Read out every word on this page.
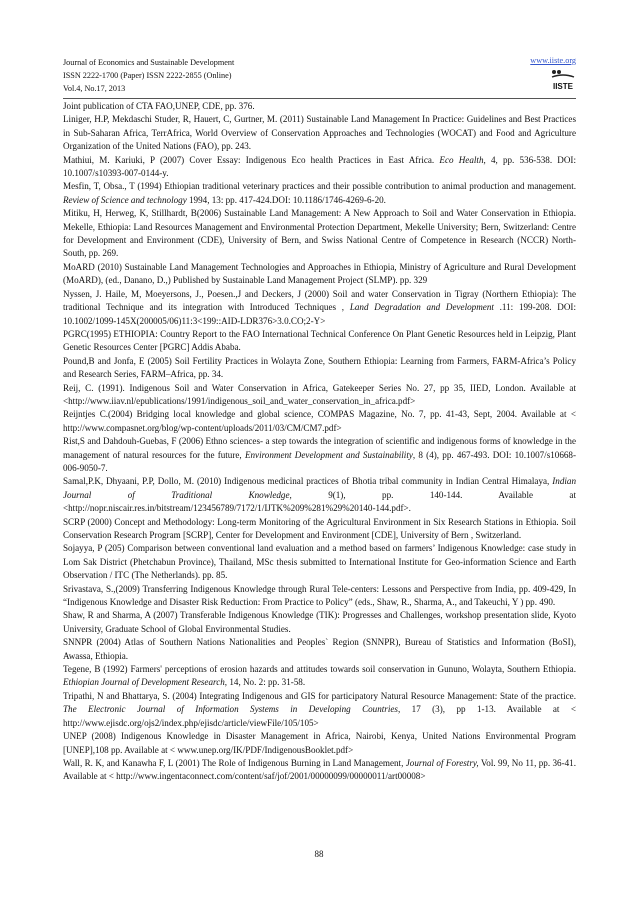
Journal of Economics and Sustainable Development
ISSN 2222-1700 (Paper) ISSN 2222-2855 (Online)
Vol.4, No.17, 2013
www.iiste.org
IISTE

Joint publication of CTA FAO,UNEP, CDE, pp. 376.

Liniger, H.P, Mekdaschi Studer, R, Hauert, C, Gurtner, M. (2011) Sustainable Land Management In Practice: Guidelines and Best Practices in Sub-Saharan Africa, TerrAfrica, World Overview of Conservation Approaches and Technologies (WOCAT) and Food and Agriculture Organization of the United Nations (FAO), pp. 243.

Mathiui, M. Kariuki, P (2007) Cover Essay: Indigenous Eco health Practices in East Africa. Eco Health, 4, pp. 536-538. DOI: 10.1007/s10393-007-0144-y.

Mesfin, T, Obsa., T (1994) Ethiopian traditional veterinary practices and their possible contribution to animal production and management. Review of Science and technology 1994, 13: pp. 417-424.DOI: 10.1186/1746-4269-6-20.

Mitiku, H, Herweg, K, Stillhardt, B(2006) Sustainable Land Management: A New Approach to Soil and Water Conservation in Ethiopia. Mekelle, Ethiopia: Land Resources Management and Environmental Protection Department, Mekelle University; Bern, Switzerland: Centre for Development and Environment (CDE), University of Bern, and Swiss National Centre of Competence in Research (NCCR) North-South, pp. 269.

MoARD (2010) Sustainable Land Management Technologies and Approaches in Ethiopia, Ministry of Agriculture and Rural Development (MoARD), (ed., Danano, D.,) Published by Sustainable Land Management Project (SLMP). pp. 329

Nyssen, J. Haile, M, Moeyersons, J., Poesen.,J and Deckers, J (2000) Soil and water Conservation in Tigray (Northern Ethiopia): The traditional Technique and its integration with Introduced Techniques , Land Degradation and Development .11: 199-208. DOI: 10.1002/1099-145X(200005/06)11:3<199::AID-LDR376>3.0.CO;2-Y>

PGRC(1995) ETHIOPIA: Country Report to the FAO International Technical Conference On Plant Genetic Resources held in Leipzig, Plant Genetic Resources Center [PGRC] Addis Ababa.

Pound,B and Jonfa, E (2005) Soil Fertility Practices in Wolayta Zone, Southern Ethiopia: Learning from Farmers, FARM-Africa’s Policy and Research Series, FARM–Africa, pp. 34.

Reij, C. (1991). Indigenous Soil and Water Conservation in Africa, Gatekeeper Series No. 27, pp 35, IIED, London. Available at <http://www.iiav.nl/epublications/1991/indigenous_soil_and_water_conservation_in_africa.pdf>

Reijntjes C.(2004) Bridging local knowledge and global science, COMPAS Magazine, No. 7, pp. 41-43, Sept, 2004. Available at < http://www.compasnet.org/blog/wp-content/uploads/2011/03/CM/CM7.pdf>

Rist,S and Dahdouh-Guebas, F (2006) Ethno sciences- a step towards the integration of scientific and indigenous forms of knowledge in the management of natural resources for the future, Environment Development and Sustainability, 8 (4), pp. 467-493. DOI: 10.1007/s10668-006-9050-7.

Samal,P.K, Dhyaani, P.P, Dollo, M. (2010) Indigenous medicinal practices of Bhotia tribal community in Indian Central Himalaya, Indian Journal of Traditional Knowledge, 9(1), pp. 140-144. Available at <http://nopr.niscair.res.in/bitstream/123456789/7172/1/IJTK%209%281%29%20140-144.pdf>.

SCRP (2000) Concept and Methodology: Long-term Monitoring of the Agricultural Environment in Six Research Stations in Ethiopia. Soil Conservation Research Program [SCRP], Center for Development and Environment [CDE], University of Bern , Switzerland.

Sojayya, P (205) Comparison between conventional land evaluation and a method based on farmers’ Indigenous Knowledge: case study in Lom Sak District (Phetchabun Province), Thailand, MSc thesis submitted to International Institute for Geo-information Science and Earth Observation / ITC (The Netherlands). pp. 85.

Srivastava, S.,(2009) Transferring Indigenous Knowledge through Rural Tele-centers: Lessons and Perspective from India, pp. 409-429, In “Indigenous Knowledge and Disaster Risk Reduction: From Practice to Policy” (eds., Shaw, R., Sharma, A., and Takeuchi, Y ) pp. 490.

Shaw, R and Sharma, A (2007) Transferable Indigenous Knowledge (TIK): Progresses and Challenges, workshop presentation slide, Kyoto University, Graduate School of Global Environmental Studies.

SNNPR (2004) Atlas of Southern Nations Nationalities and Peoples` Region (SNNPR), Bureau of Statistics and Information (BoSI), Awassa, Ethiopia.

Tegene, B (1992) Farmers' perceptions of erosion hazards and attitudes towards soil conservation in Gununo, Wolayta, Southern Ethiopia. Ethiopian Journal of Development Research, 14, No. 2: pp. 31-58.

Tripathi, N and Bhattarya, S. (2004) Integrating Indigenous and GIS for participatory Natural Resource Management: State of the practice. The Electronic Journal of Information Systems in Developing Countries, 17 (3), pp 1-13. Available at < http://www.ejisdc.org/ojs2/index.php/ejisdc/article/viewFile/105/105>

UNEP (2008) Indigenous Knowledge in Disaster Management in Africa, Nairobi, Kenya, United Nations Environmental Program [UNEP],108 pp. Available at < www.unep.org/IK/PDF/IndigenousBooklet.pdf>

Wall, R. K, and Kanawha F, L (2001) The Role of Indigenous Burning in Land Management, Journal of Forestry, Vol. 99, No 11, pp. 36-41. Available at < http://www.ingentaconnect.com/content/saf/jof/2001/00000099/00000011/art00008>

88
